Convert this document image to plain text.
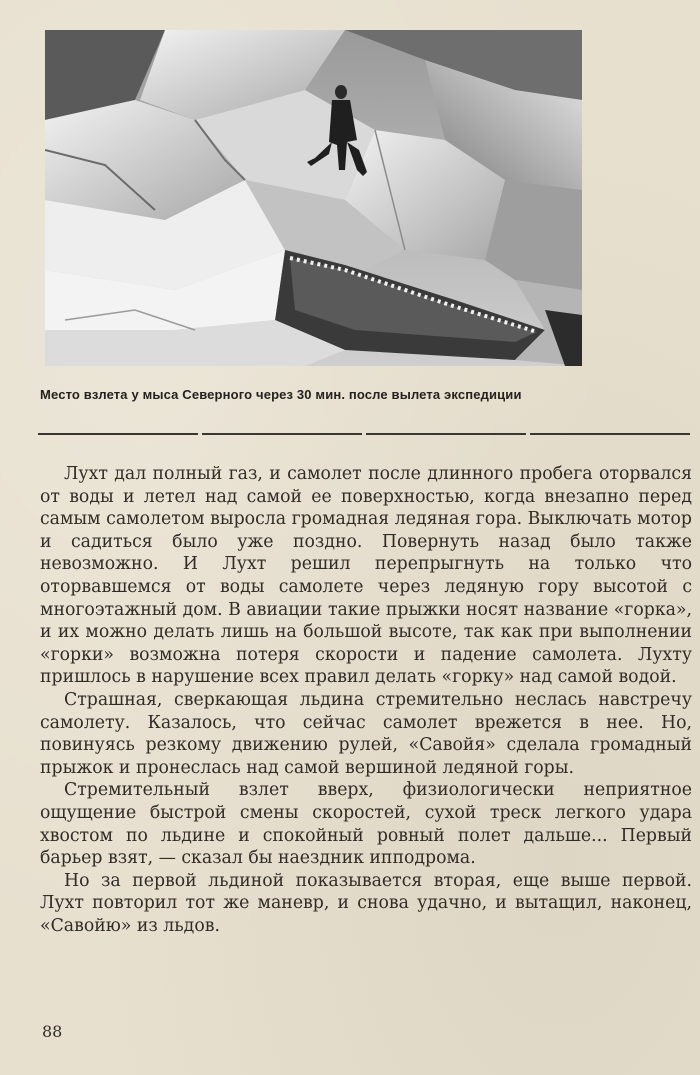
Место взлета у мыса Северного через 30 мин. после вылета экспедиции

Лухт дал полный газ, и самолет после длинного пробега оторвался от воды и летел над самой ее поверхностью, когда внезапно перед самым самолетом выросла громадная ледяная гора. Выключать мотор и садиться было уже поздно. Повернуть назад было также невозможно. И Лухт решил перепрыгнуть на только что оторвавшемся от воды самолете через ледяную гору высотой с многоэтажный дом. В авиации такие прыжки носят название «горка», и их можно делать лишь на большой высоте, так как при выполнении «горки» возможна потеря скорости и падение самолета. Лухту пришлось в нарушение всех правил делать «горку» над самой водой.

Страшная, сверкающая льдина стремительно неслась навстречу самолету. Казалось, что сейчас самолет врежется в нее. Но, повинуясь резкому движению рулей, «Савойя» сделала громадный прыжок и пронеслась над самой вершиной ледяной горы.

Стремительный взлет вверх, физиологически неприятное ощущение быстрой смены скоростей, сухой треск легкого удара хвостом по льдине и спокойный ровный полет дальше... Первый барьер взят, — сказал бы наездник ипподрома.

Но за первой льдиной показывается вторая, еще выше первой. Лухт повторил тот же маневр, и снова удачно, и вытащил, наконец, «Савойю» из льдов.

88
